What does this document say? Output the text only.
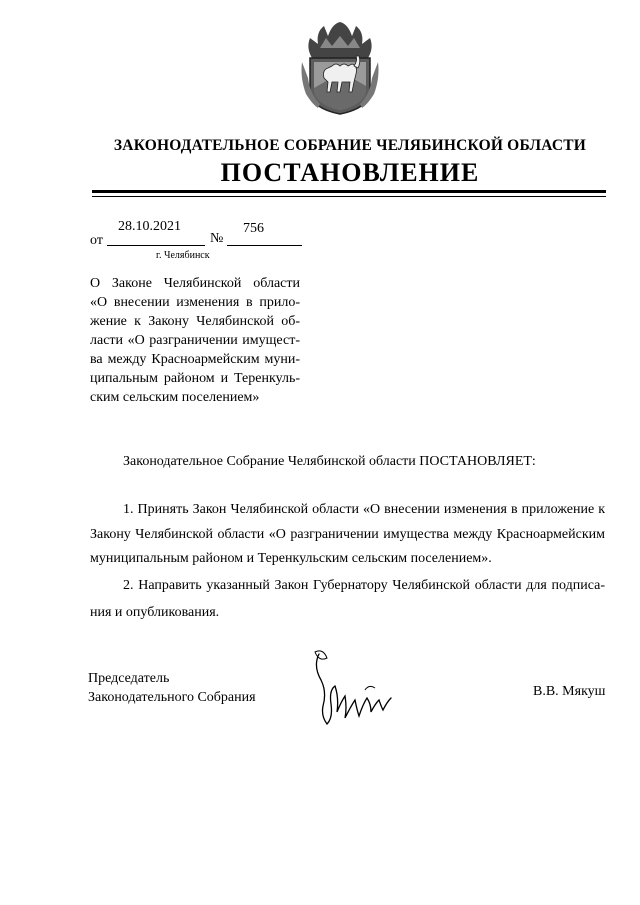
ЗАКОНОДАТЕЛЬНОЕ СОБРАНИЕ ЧЕЛЯБИНСКОЙ ОБЛАСТИ
ПОСТАНОВЛЕНИЕ
от
28.10.2021
№
756
г. Челябинск
О Законе Челябинской области
«О внесении изменения в прило-
жение к Закону Челябинской об-
ласти «О разграничении имущест-
ва между Красноармейским муни-
ципальным районом и Теренкуль-
ским сельским поселением»
Законодательное Собрание Челябинской области ПОСТАНОВЛЯЕТ:
1. Принять Закон Челябинской области «О внесении изменения в приложение к
Закону Челябинской области «О разграничении имущества между Красноармейским
муниципальным районом и Теренкульским сельским поселением».
2. Направить указанный Закон Губернатору Челябинской области для подписа-
ния и опубликования.
Председатель
Законодательного Собрания	В.В. Мякуш
